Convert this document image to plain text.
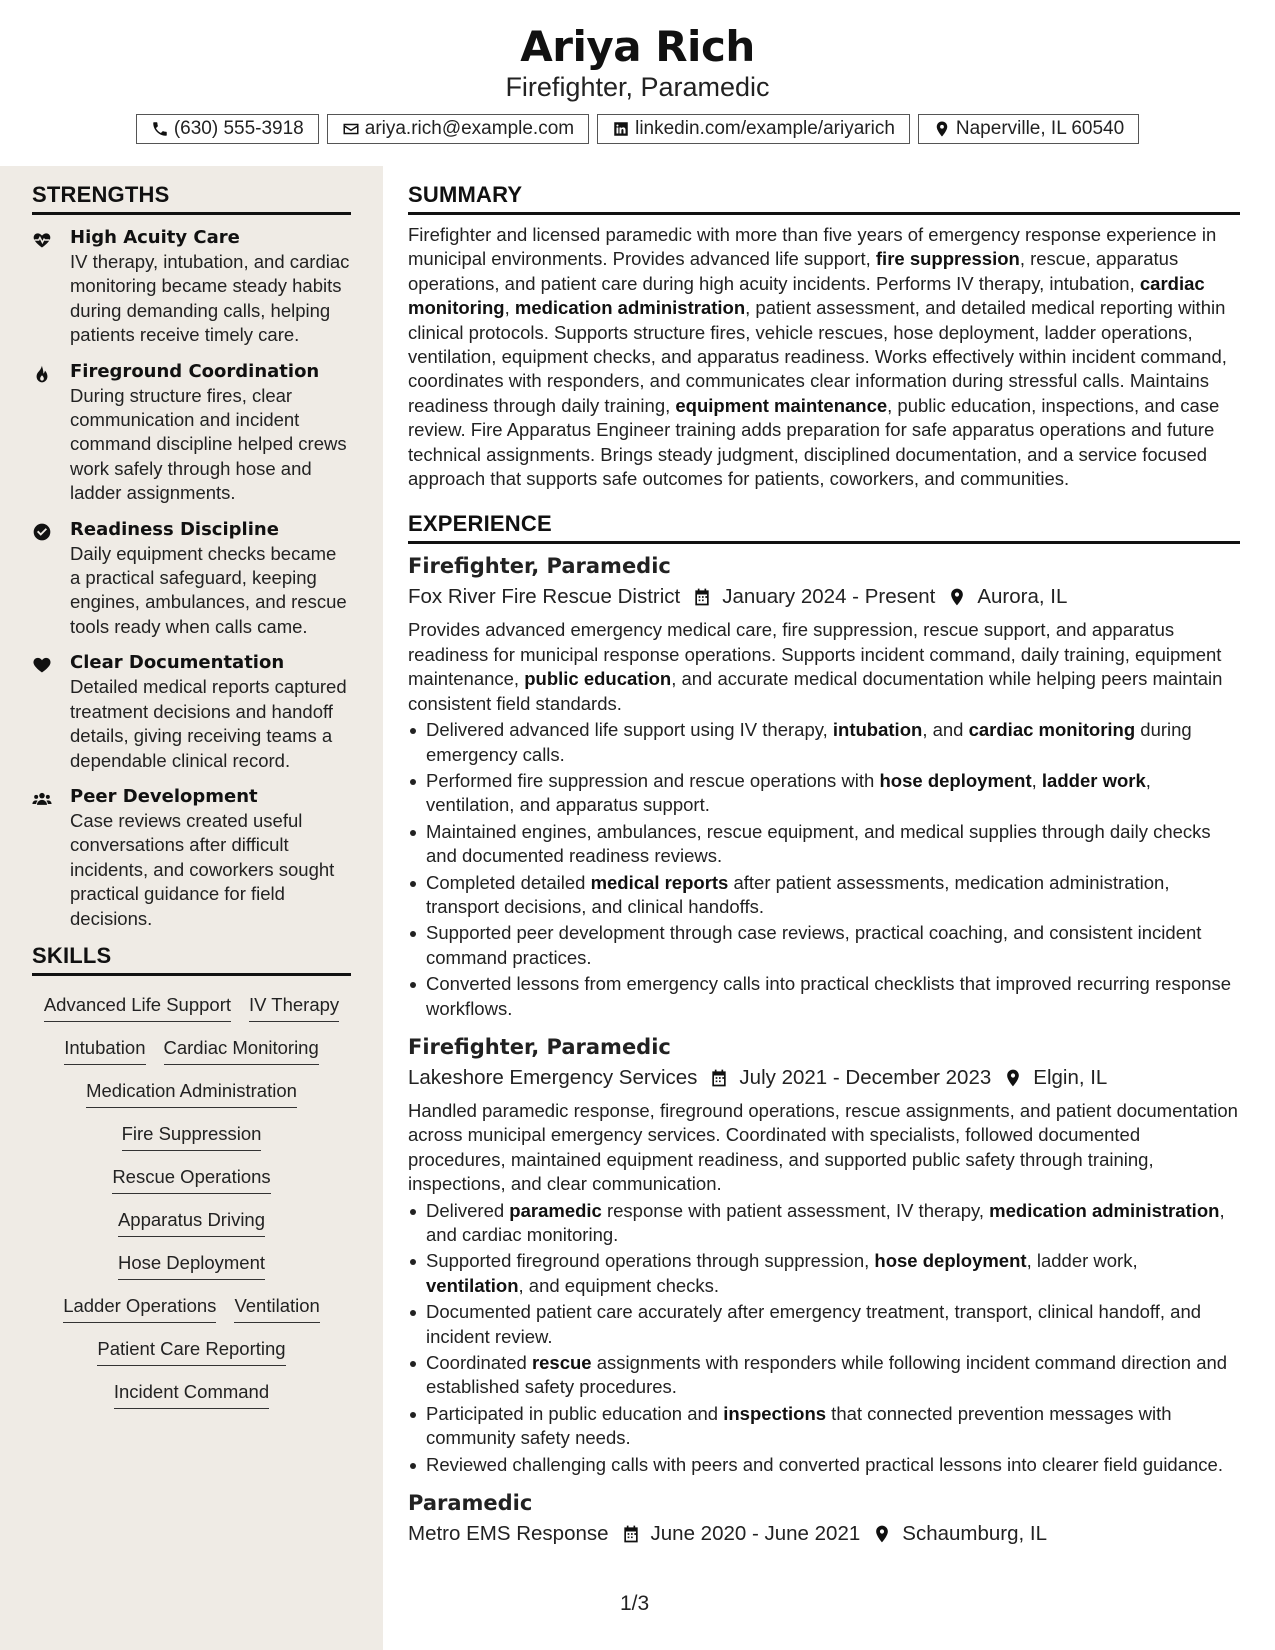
Ariya Rich
Firefighter, Paramedic
(630) 555-3918	ariya.rich@example.com	linkedin.com/example/ariyarich	Naperville, IL 60540
STRENGTHS
High Acuity Care
IV therapy, intubation, and cardiac monitoring became steady habits during demanding calls, helping patients receive timely care.
Fireground Coordination
During structure fires, clear communication and incident command discipline helped crews work safely through hose and ladder assignments.
Readiness Discipline
Daily equipment checks became a practical safeguard, keeping engines, ambulances, and rescue tools ready when calls came.
Clear Documentation
Detailed medical reports captured treatment decisions and handoff details, giving receiving teams a dependable clinical record.
Peer Development
Case reviews created useful conversations after difficult incidents, and coworkers sought practical guidance for field decisions.
SKILLS
Advanced Life Support IV Therapy
Intubation Cardiac Monitoring
Medication Administration
Fire Suppression
Rescue Operations
Apparatus Driving
Hose Deployment
Ladder Operations Ventilation
Patient Care Reporting
Incident Command
SUMMARY
Firefighter and licensed paramedic with more than five years of emergency response experience in municipal environments. Provides advanced life support, fire suppression, rescue, apparatus operations, and patient care during high acuity incidents. Performs IV therapy, intubation, cardiac monitoring, medication administration, patient assessment, and detailed medical reporting within clinical protocols. Supports structure fires, vehicle rescues, hose deployment, ladder operations, ventilation, equipment checks, and apparatus readiness. Works effectively within incident command, coordinates with responders, and communicates clear information during stressful calls. Maintains readiness through daily training, equipment maintenance, public education, inspections, and case review. Fire Apparatus Engineer training adds preparation for safe apparatus operations and future technical assignments. Brings steady judgment, disciplined documentation, and a service focused approach that supports safe outcomes for patients, coworkers, and communities.
EXPERIENCE
Firefighter, Paramedic
Fox River Fire Rescue District January 2024 - Present Aurora, IL
Provides advanced emergency medical care, fire suppression, rescue support, and apparatus readiness for municipal response operations. Supports incident command, daily training, equipment maintenance, public education, and accurate medical documentation while helping peers maintain consistent field standards.
Delivered advanced life support using IV therapy, intubation, and cardiac monitoring during emergency calls.
Performed fire suppression and rescue operations with hose deployment, ladder work, ventilation, and apparatus support.
Maintained engines, ambulances, rescue equipment, and medical supplies through daily checks and documented readiness reviews.
Completed detailed medical reports after patient assessments, medication administration, transport decisions, and clinical handoffs.
Supported peer development through case reviews, practical coaching, and consistent incident command practices.
Converted lessons from emergency calls into practical checklists that improved recurring response workflows.
Firefighter, Paramedic
Lakeshore Emergency Services July 2021 - December 2023 Elgin, IL
Handled paramedic response, fireground operations, rescue assignments, and patient documentation across municipal emergency services. Coordinated with specialists, followed documented procedures, maintained equipment readiness, and supported public safety through training, inspections, and clear communication.
Delivered paramedic response with patient assessment, IV therapy, medication administration, and cardiac monitoring.
Supported fireground operations through suppression, hose deployment, ladder work, ventilation, and equipment checks.
Documented patient care accurately after emergency treatment, transport, clinical handoff, and incident review.
Coordinated rescue assignments with responders while following incident command direction and established safety procedures.
Participated in public education and inspections that connected prevention messages with community safety needs.
Reviewed challenging calls with peers and converted practical lessons into clearer field guidance.
Paramedic
Metro EMS Response June 2020 - June 2021 Schaumburg, IL
1/3
